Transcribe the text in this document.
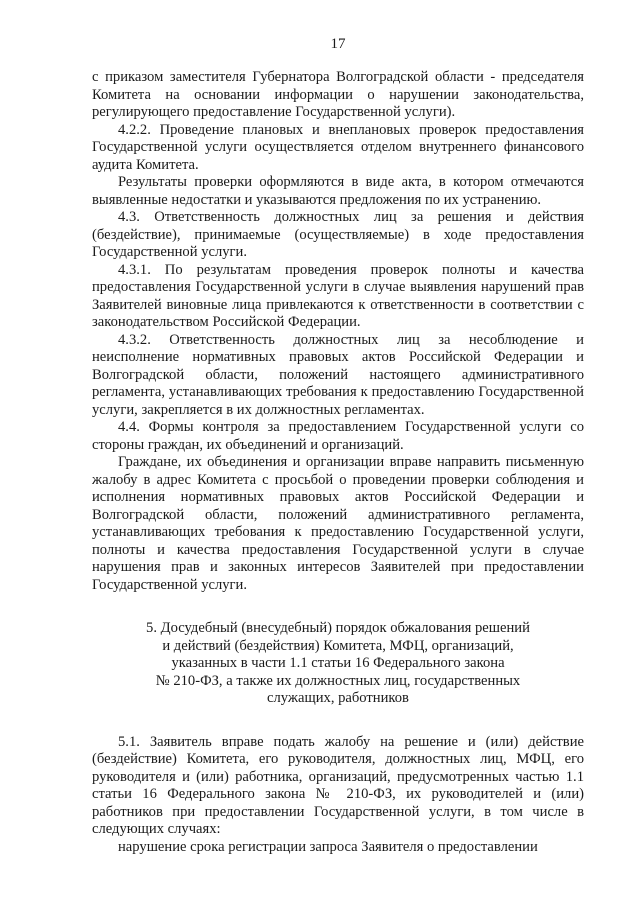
17

с приказом заместителя Губернатора Волгоградской области - председателя Комитета на основании информации о нарушении законодательства, регулирующего предоставление Государственной услуги).

4.2.2. Проведение плановых и внеплановых проверок предоставления Государственной услуги осуществляется отделом внутреннего финансового аудита Комитета.

Результаты проверки оформляются в виде акта, в котором отмечаются выявленные недостатки и указываются предложения по их устранению.

4.3. Ответственность должностных лиц за решения и действия (бездействие), принимаемые (осуществляемые) в ходе предоставления Государственной услуги.

4.3.1. По результатам проведения проверок полноты и качества предоставления Государственной услуги в случае выявления нарушений прав Заявителей виновные лица привлекаются к ответственности в соответствии с законодательством Российской Федерации.

4.3.2. Ответственность должностных лиц за несоблюдение и неисполнение нормативных правовых актов Российской Федерации и Волгоградской области, положений настоящего административного регламента, устанавливающих требования к предоставлению Государственной услуги, закрепляется в их должностных регламентах.

4.4. Формы контроля за предоставлением Государственной услуги со стороны граждан, их объединений и организаций.

Граждане, их объединения и организации вправе направить письменную жалобу в адрес Комитета с просьбой о проведении проверки соблюдения и исполнения нормативных правовых актов Российской Федерации и Волгоградской области, положений административного регламента, устанавливающих требования к предоставлению Государственной услуги, полноты и качества предоставления Государственной услуги в случае нарушения прав и законных интересов Заявителей при предоставлении Государственной услуги.

5. Досудебный (внесудебный) порядок обжалования решений
и действий (бездействия) Комитета, МФЦ, организаций,
указанных в части 1.1 статьи 16 Федерального закона
№ 210-ФЗ, а также их должностных лиц, государственных
служащих, работников

5.1. Заявитель вправе подать жалобу на решение и (или) действие (бездействие) Комитета, его руководителя, должностных лиц, МФЦ, его руководителя и (или) работника, организаций, предусмотренных частью 1.1 статьи 16 Федерального закона № 210-ФЗ, их руководителей и (или) работников при предоставлении Государственной услуги, в том числе в следующих случаях:

нарушение срока регистрации запроса Заявителя о предоставлении
